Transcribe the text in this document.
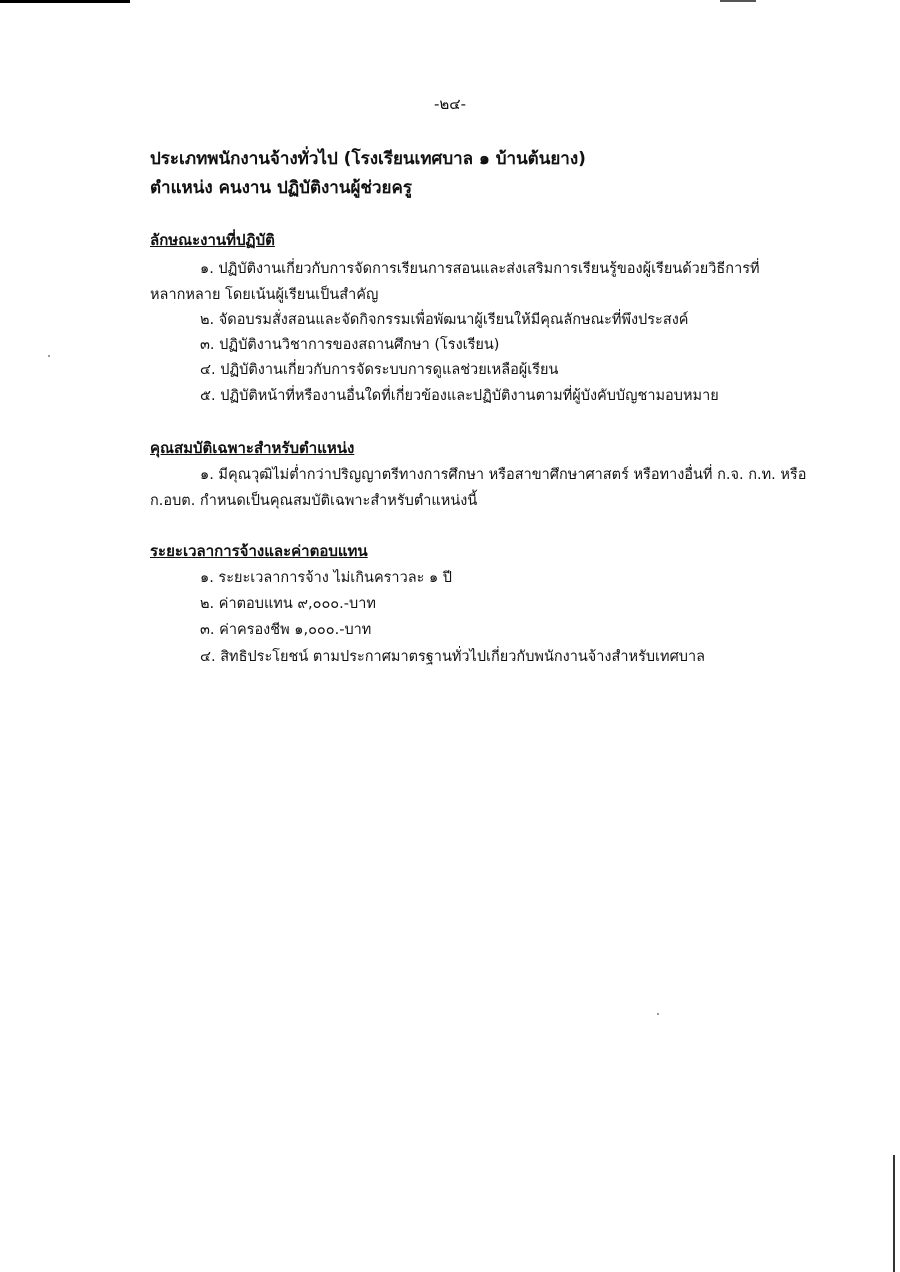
-๒๔-
ประเภทพนักงานจ้างทั่วไป (โรงเรียนเทศบาล ๑ บ้านต้นยาง)
ตำแหน่ง คนงาน ปฏิบัติงานผู้ช่วยครู
ลักษณะงานที่ปฏิบัติ
๑. ปฏิบัติงานเกี่ยวกับการจัดการเรียนการสอนและส่งเสริมการเรียนรู้ของผู้เรียนด้วยวิธีการที่
หลากหลาย โดยเน้นผู้เรียนเป็นสำคัญ
๒. จัดอบรมสั่งสอนและจัดกิจกรรมเพื่อพัฒนาผู้เรียนให้มีคุณลักษณะที่พึงประสงค์
๓. ปฏิบัติงานวิชาการของสถานศึกษา (โรงเรียน)
๔. ปฏิบัติงานเกี่ยวกับการจัดระบบการดูแลช่วยเหลือผู้เรียน
๕. ปฏิบัติหน้าที่หรืองานอื่นใดที่เกี่ยวข้องและปฏิบัติงานตามที่ผู้บังคับบัญชามอบหมาย
คุณสมบัติเฉพาะสำหรับตำแหน่ง
๑. มีคุณวุฒิไม่ต่ำกว่าปริญญาตรีทางการศึกษา หรือสาขาศึกษาศาสตร์ หรือทางอื่นที่ ก.จ. ก.ท. หรือ
ก.อบต. กำหนดเป็นคุณสมบัติเฉพาะสำหรับตำแหน่งนี้
ระยะเวลาการจ้างและค่าตอบแทน
๑. ระยะเวลาการจ้าง ไม่เกินคราวละ ๑ ปี
๒. ค่าตอบแทน ๙,๐๐๐.-บาท
๓. ค่าครองชีพ ๑,๐๐๐.-บาท
๔. สิทธิประโยชน์ ตามประกาศมาตรฐานทั่วไปเกี่ยวกับพนักงานจ้างสำหรับเทศบาล
